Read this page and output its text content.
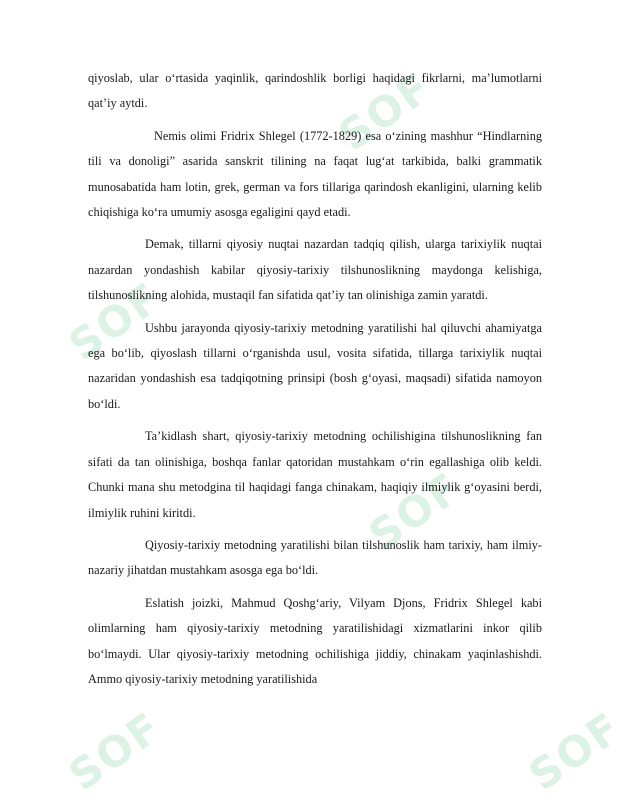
SOF
SOF
SOF
SOF	SOF

qiyoslab, ular o‘rtasida yaqinlik, qarindoshlik borligi haqidagi fikrlarni, ma’lumotlarni qat’iy aytdi.

Nemis olimi Fridrix Shlegel (1772-1829) esa o‘zining mashhur “Hindlarning tili va donoligi” asarida sanskrit tilining na faqat lug‘at tarkibida, balki grammatik munosabatida ham lotin, grek, german va fors tillariga qarindosh ekanligini, ularning kelib chiqishiga ko‘ra umumiy asosga egaligini qayd etadi.

Demak, tillarni qiyosiy nuqtai nazardan tadqiq qilish, ularga tarixiylik nuqtai nazardan yondashish kabilar qiyosiy-tarixiy tilshunoslikning maydonga kelishiga, tilshunoslikning alohida, mustaqil fan sifatida qat’iy tan olinishiga zamin yaratdi.

Ushbu jarayonda qiyosiy-tarixiy metodning yaratilishi hal qiluvchi ahamiyatga ega bo‘lib, qiyoslash tillarni o‘rganishda usul, vosita sifatida, tillarga tarixiylik nuqtai nazaridan yondashish esa tadqiqotning prinsipi (bosh g‘oyasi, maqsadi) sifatida namoyon bo‘ldi.

Ta’kidlash shart, qiyosiy-tarixiy metodning ochilishigina tilshunoslikning fan sifati da tan olinishiga, boshqa fanlar qatoridan mustahkam o‘rin egallashiga olib keldi. Chunki mana shu metodgina til haqidagi fanga chinakam, haqiqiy ilmiylik g‘oyasini berdi, ilmiylik ruhini kiritdi.

Qiyosiy-tarixiy metodning yaratilishi bilan tilshunoslik ham tarixiy, ham ilmiy-nazariy jihatdan mustahkam asosga ega bo‘ldi.

Eslatish joizki, Mahmud Qoshg‘ariy, Vilyam Djons, Fridrix Shlegel kabi olimlarning ham qiyosiy-tarixiy metodning yaratilishidagi xizmatlarini inkor qilib bo‘lmaydi. Ular qiyosiy-tarixiy metodning ochilishiga jiddiy, chinakam yaqinlashishdi. Ammo qiyosiy-tarixiy metodning yaratilishida
